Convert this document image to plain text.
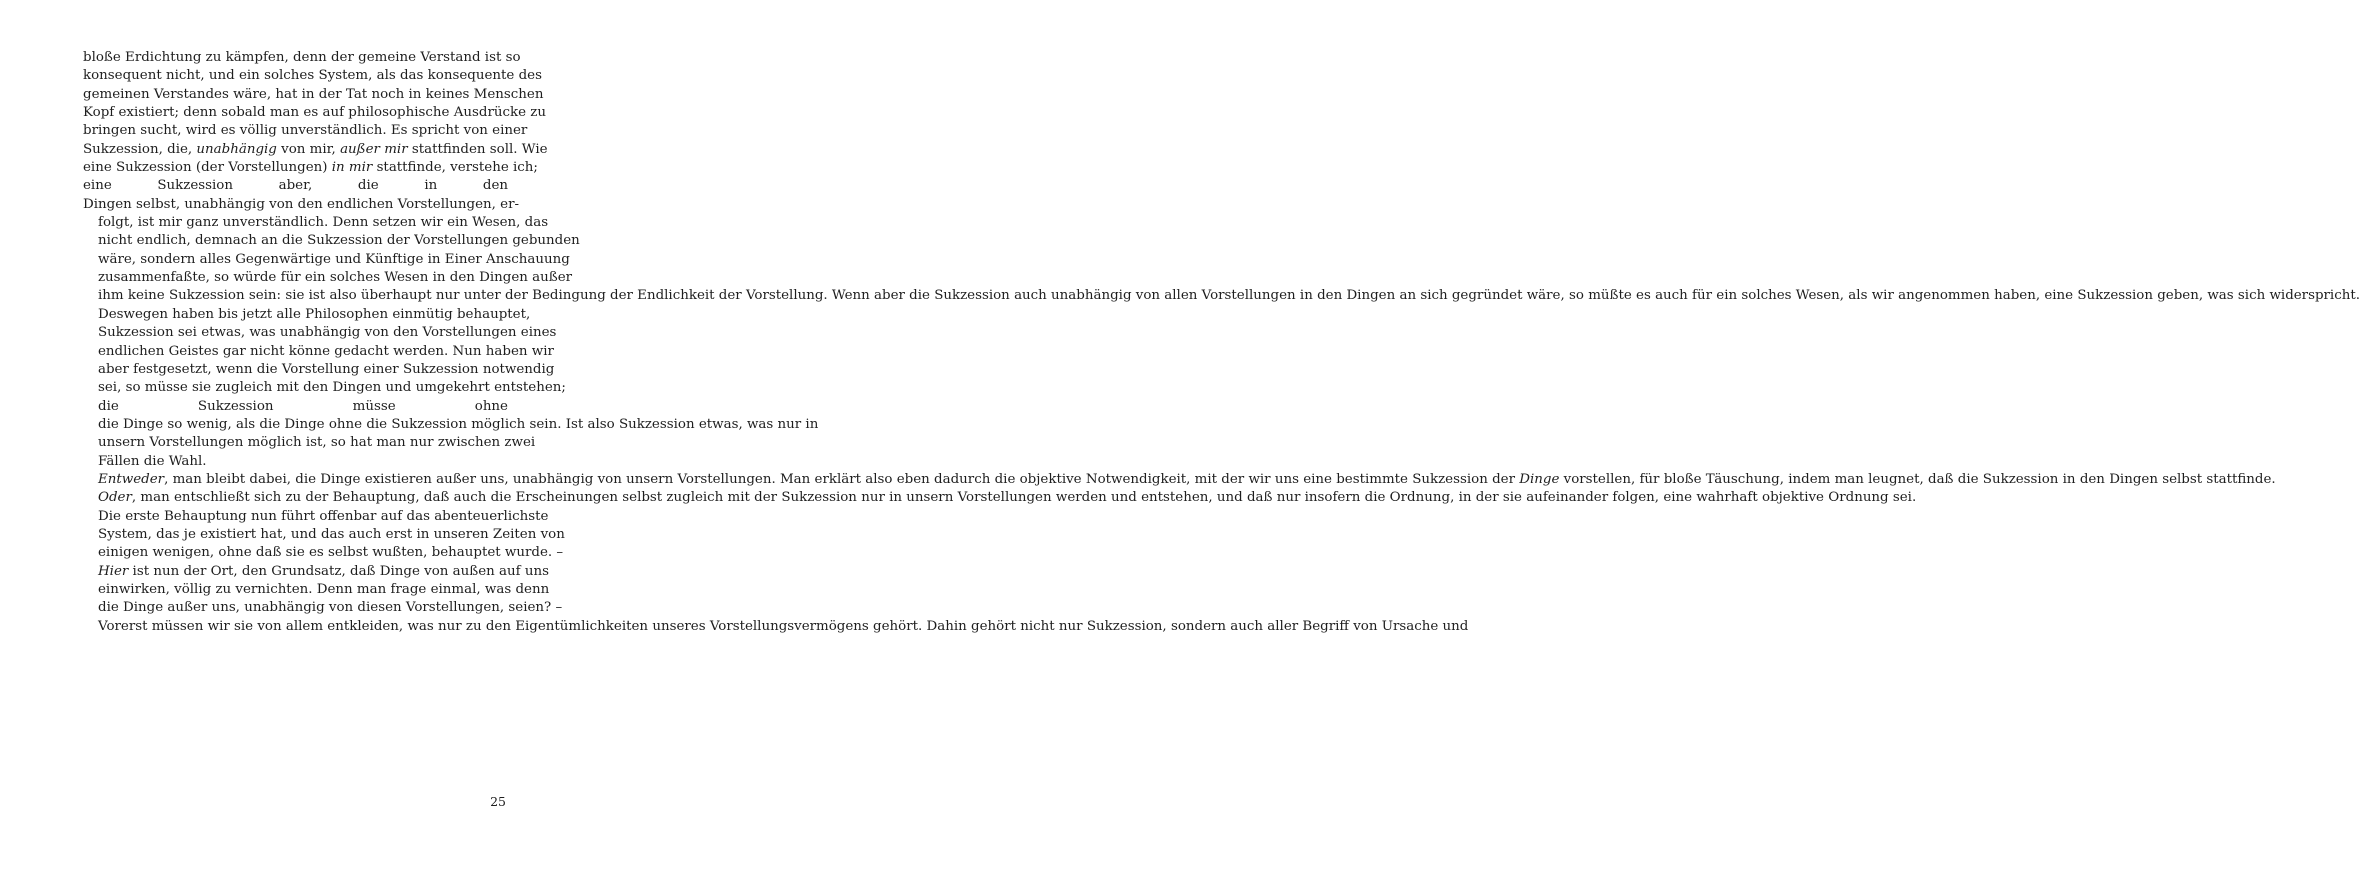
bloße Erdichtung zu kämpfen, denn der gemeine Verstand ist so
konsequent nicht, und ein solches System, als das konsequente des
gemeinen Verstandes wäre, hat in der Tat noch in keines Menschen
Kopf existiert; denn sobald man es auf philosophische Ausdrücke zu
bringen sucht, wird es völlig unverständlich. Es spricht von einer
Sukzession, die, unabhängig von mir, außer mir stattfinden soll. Wie
eine Sukzession (der Vorstellungen) in mir stattfinde, verstehe ich;
eine Sukzession aber, die in den
Dingen selbst, unabhängig von den endlichen Vorstellungen, er-

folgt, ist mir ganz unverständlich. Denn setzen wir ein Wesen, das
nicht endlich, demnach an die Sukzession der Vorstellungen gebunden
wäre, sondern alles Gegenwärtige und Künftige in Einer Anschauung
zusammenfaßte, so würde für ein solches Wesen in den Dingen außer
ihm keine Sukzession sein: sie ist also überhaupt nur unter der Bedingung der Endlichkeit der Vorstellung. Wenn aber die Sukzession auch unabhängig von allen Vorstellungen in den Dingen an sich gegründet wäre, so müßte es auch für ein solches Wesen, als wir angenommen haben, eine Sukzession geben, was sich widerspricht.

Deswegen haben bis jetzt alle Philosophen einmütig behauptet,
Sukzession sei etwas, was unabhängig von den Vorstellungen eines
endlichen Geistes gar nicht könne gedacht werden. Nun haben wir
aber festgesetzt, wenn die Vorstellung einer Sukzession notwendig
sei, so müsse sie zugleich mit den Dingen und umgekehrt entstehen;
die Sukzession müsse ohne
die Dinge so wenig, als die Dinge ohne die Sukzession möglich sein. Ist also Sukzession etwas, was nur in
unsern Vorstellungen möglich ist, so hat man nur zwischen zwei
Fällen die Wahl.

Entweder, man bleibt dabei, die Dinge existieren außer uns, unabhängig von unsern Vorstellungen. Man erklärt also eben dadurch die objektive Notwendigkeit, mit der wir uns eine bestimmte Sukzession der Dinge vorstellen, für bloße Täuschung, indem man leugnet, daß die Sukzession in den Dingen selbst stattfinde.

Oder, man entschließt sich zu der Behauptung, daß auch die Erscheinungen selbst zugleich mit der Sukzession nur in unsern Vorstellungen werden und entstehen, und daß nur insofern die Ordnung, in der sie aufeinander folgen, eine wahrhaft objektive Ordnung sei.

Die erste Behauptung nun führt offenbar auf das abenteuerlichste
System, das je existiert hat, und das auch erst in unseren Zeiten von
einigen wenigen, ohne daß sie es selbst wußten, behauptet wurde. –
Hier ist nun der Ort, den Grundsatz, daß Dinge von außen auf uns
einwirken, völlig zu vernichten. Denn man frage einmal, was denn
die Dinge außer uns, unabhängig von diesen Vorstellungen, seien? –
Vorerst müssen wir sie von allem entkleiden, was nur zu den Eigentümlichkeiten unseres Vorstellungsvermögens gehört. Dahin gehört nicht nur Sukzession, sondern auch aller Begriff von Ursache und

25
